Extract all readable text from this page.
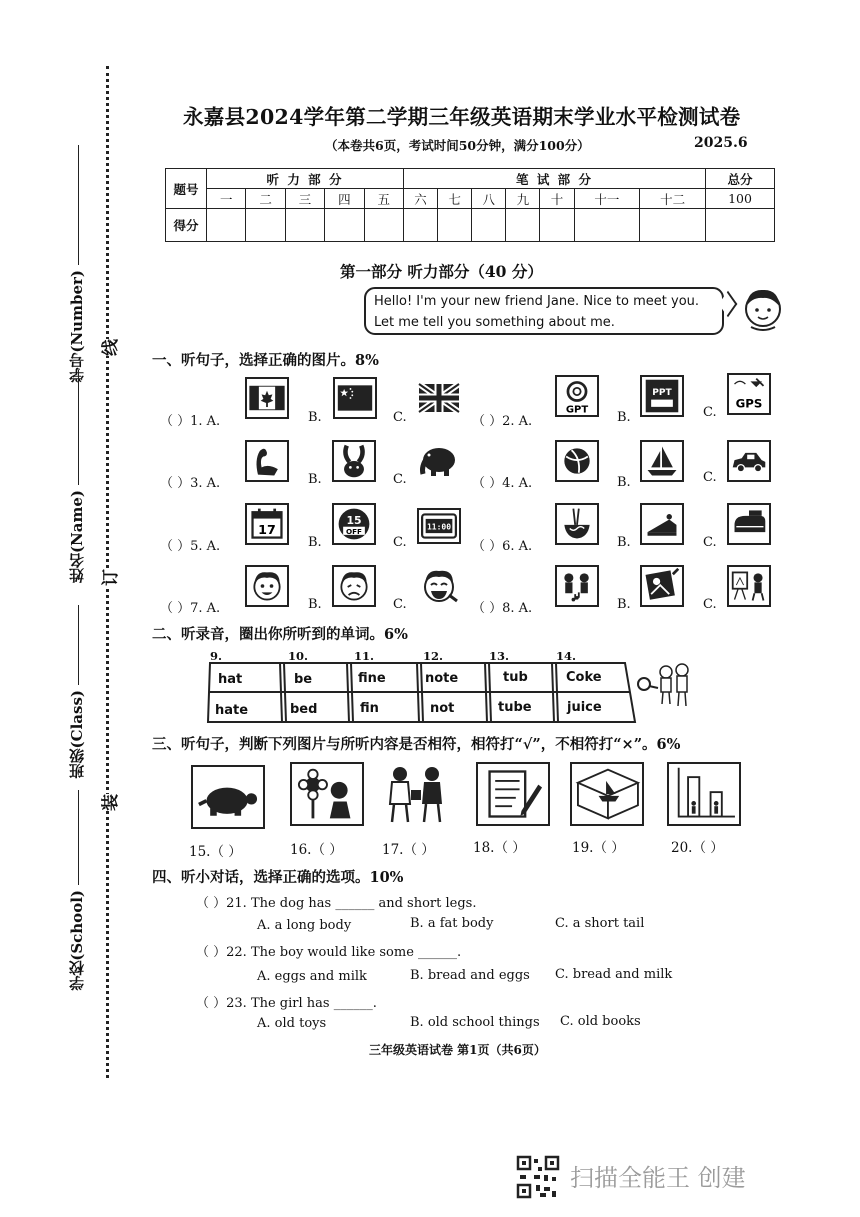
线
订
装
学号(Number)
姓名(Name)
班级(Class)
学校(School)
永嘉县2024学年第二学期三年级英语期末学业水平检测试卷
（本卷共6页，考试时间50分钟，满分100分）	2025.6
题号	听 力 部 分					笔 试 部 分							总分
	一	二	三	四	五	六	七	八	九	十	十一	十二	100
得分													
第一部分 听力部分（40 分）
Hello! I'm your new friend Jane. Nice to meet you.
Let me tell you something about me.
一、听句子，选择正确的图片。8%
（ ）1. A.	B.	C.	（ ）2. A.
GPT
B.
PPT
C.
GPS
（ ）3. A.	B.	C.	（ ）4. A.	B.	C.
（ ）5. A.
17
B.
15
OFF
C.
11:00
（ ）6. A.	B.	C.
（ ）7. A.	B.	C.	（ ）8. A.	B.	C.
二、听录音，圈出你所听到的单词。6%
9.	10.	11.	12.	13.	14.
hat	be	fine	note	tub	Coke
hate	bed	fin	not	tube	juice
三、听句子，判断下列图片与所听内容是否相符，相符打“√”，不相符打“×”。6%
15.（ ）	16.（ ）	17.（ ）	18.（ ）	19.（ ）	20.（ ）
四、听小对话，选择正确的选项。10%
（ ）21. The dog has ______ and short legs.
A. a long body	B. a fat body	C. a short tail
（ ）22. The boy would like some ______.
A. eggs and milk	B. bread and eggs C. bread and milk
（ ）23. The girl has ______.
A. old toys	B. old school things C. old books
三年级英语试卷 第1页（共6页）
扫描全能王 创建
